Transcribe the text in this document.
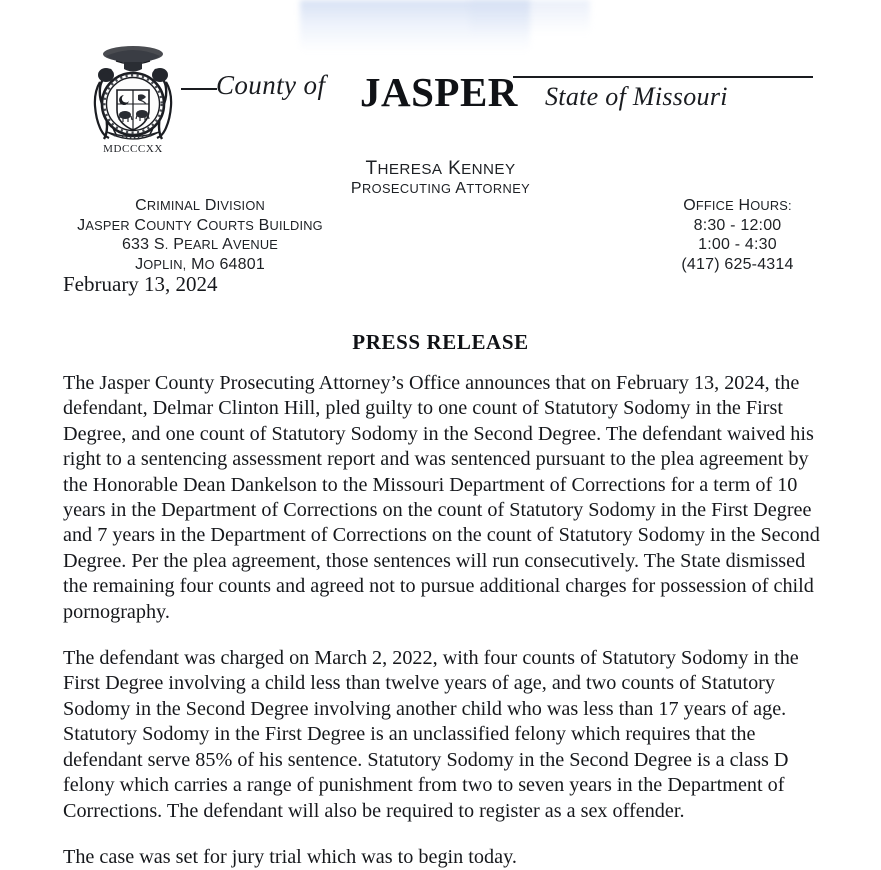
MDCCCXX
County of JASPER State of Missouri
THERESA KENNEY
PROSECUTING ATTORNEY
CRIMINAL DIVISION
JASPER COUNTY COURTS BUILDING
633 S. PEARL AVENUE
JOPLIN, MO 64801
OFFICE HOURS:
8:30 - 12:00
1:00 - 4:30
(417) 625-4314
February 13, 2024
PRESS RELEASE

The Jasper County Prosecuting Attorney’s Office announces that on February 13, 2024, the defendant, Delmar Clinton Hill, pled guilty to one count of Statutory Sodomy in the First Degree, and one count of Statutory Sodomy in the Second Degree. The defendant waived his right to a sentencing assessment report and was sentenced pursuant to the plea agreement by the Honorable Dean Dankelson to the Missouri Department of Corrections for a term of 10 years in the Department of Corrections on the count of Statutory Sodomy in the First Degree and 7 years in the Department of Corrections on the count of Statutory Sodomy in the Second Degree. Per the plea agreement, those sentences will run consecutively. The State dismissed the remaining four counts and agreed not to pursue additional charges for possession of child pornography.

The defendant was charged on March 2, 2022, with four counts of Statutory Sodomy in the First Degree involving a child less than twelve years of age, and two counts of Statutory Sodomy in the Second Degree involving another child who was less than 17 years of age. Statutory Sodomy in the First Degree is an unclassified felony which requires that the defendant serve 85% of his sentence. Statutory Sodomy in the Second Degree is a class D felony which carries a range of punishment from two to seven years in the Department of Corrections. The defendant will also be required to register as a sex offender.

The case was set for jury trial which was to begin today.
